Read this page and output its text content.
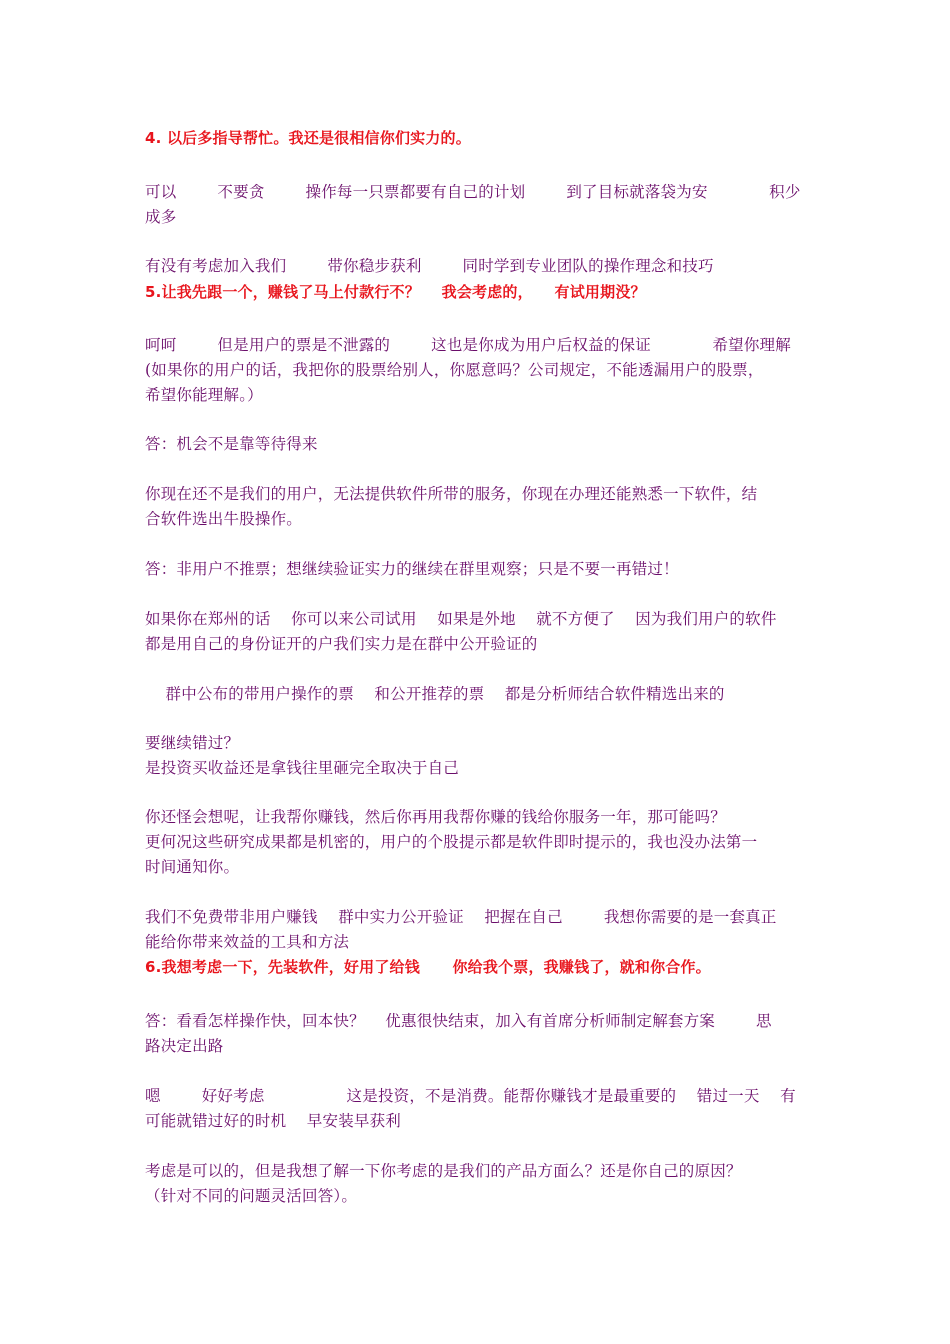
4. 以后多指导帮忙。我还是很相信你们实力的。
可以        不要贪        操作每一只票都要有自己的计划        到了目标就落袋为安            积少
成多
有没有考虑加入我们        带你稳步获利        同时学到专业团队的操作理念和技巧
5.让我先跟一个，赚钱了马上付款行不？    我会考虑的，    有试用期没？
呵呵        但是用户的票是不泄露的        这也是你成为用户后权益的保证            希望你理解
(如果你的用户的话，我把你的股票给别人，你愿意吗？公司规定，不能透漏用户的股票，
希望你能理解。）
答：机会不是靠等待得来
你现在还不是我们的用户，无法提供软件所带的服务，你现在办理还能熟悉一下软件，结
合软件选出牛股操作。
答：非用户不推票；想继续验证实力的继续在群里观察；只是不要一再错过！
如果你在郑州的话    你可以来公司试用    如果是外地    就不方便了    因为我们用户的软件
都是用自己的身份证开的户我们实力是在群中公开验证的
群中公布的带用户操作的票    和公开推荐的票    都是分析师结合软件精选出来的
要继续错过？
是投资买收益还是拿钱往里砸完全取决于自己
你还怪会想呢，让我帮你赚钱，然后你再用我帮你赚的钱给你服务一年，那可能吗？
更何况这些研究成果都是机密的，用户的个股提示都是软件即时提示的，我也没办法第一
时间通知你。
我们不免费带非用户赚钱    群中实力公开验证    把握在自己        我想你需要的是一套真正
能给你带来效益的工具和方法
6.我想考虑一下，先装软件，好用了给钱      你给我个票，我赚钱了，就和你合作。
答：看看怎样操作快，回本快？    优惠很快结束，加入有首席分析师制定解套方案        思
路决定出路
嗯        好好考虑                这是投资，不是消费。能帮你赚钱才是最重要的    错过一天    有
可能就错过好的时机    早安装早获利
考虑是可以的，但是我想了解一下你考虑的是我们的产品方面么？还是你自己的原因？
（针对不同的问题灵活回答）。
